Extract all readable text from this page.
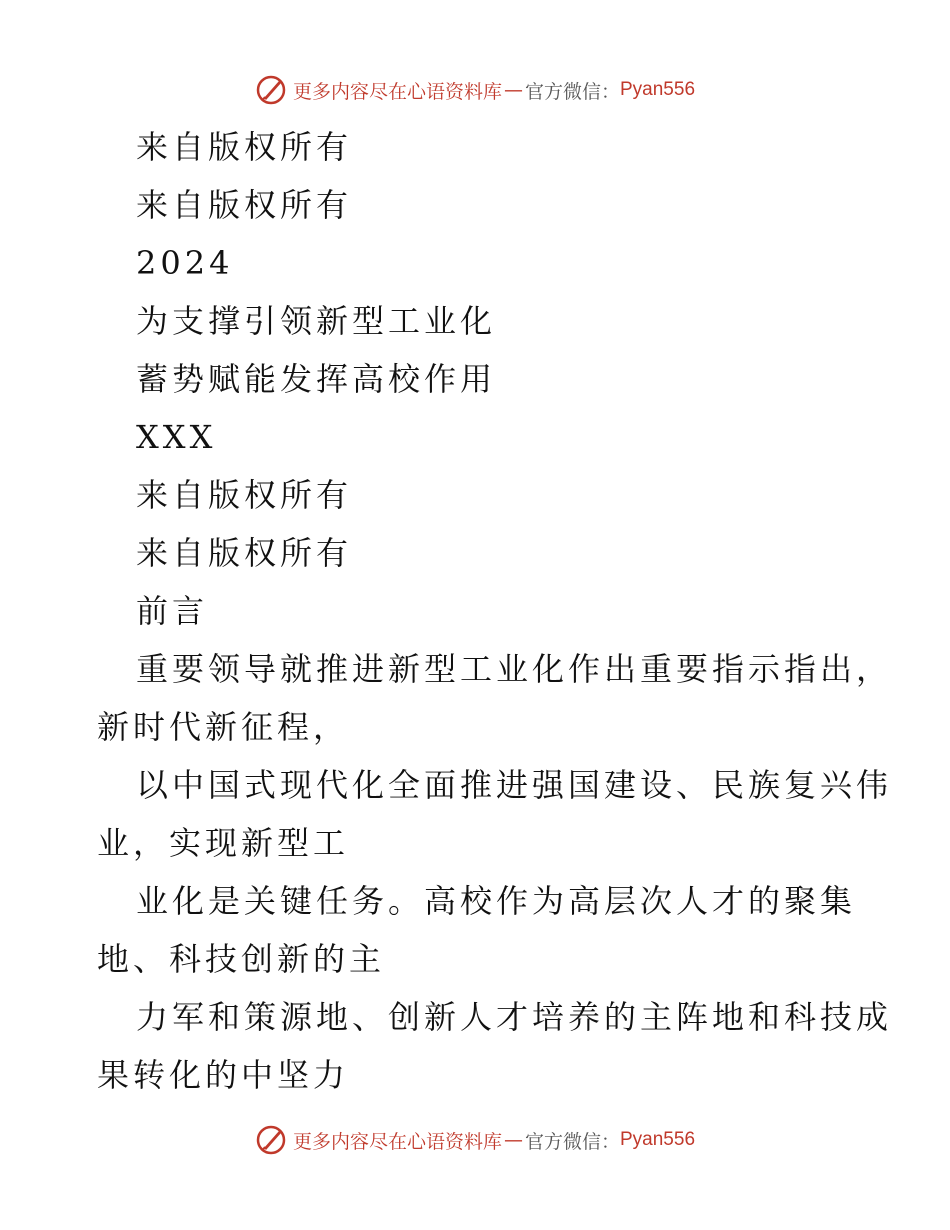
更多内容尽在心语资料库 — 官方微信： Pyan556
来自版权所有
来自版权所有
2024
为支撑引领新型工业化
蓄势赋能发挥高校作用
XXX
来自版权所有
来自版权所有
前言
重要领导就推进新型工业化作出重要指示指出，
新时代新征程，
以中国式现代化全面推进强国建设、民族复兴伟
业，实现新型工
业化是关键任务。高校作为高层次人才的聚集
地、科技创新的主
力军和策源地、创新人才培养的主阵地和科技成
果转化的中坚力
更多内容尽在心语资料库 — 官方微信： Pyan556
